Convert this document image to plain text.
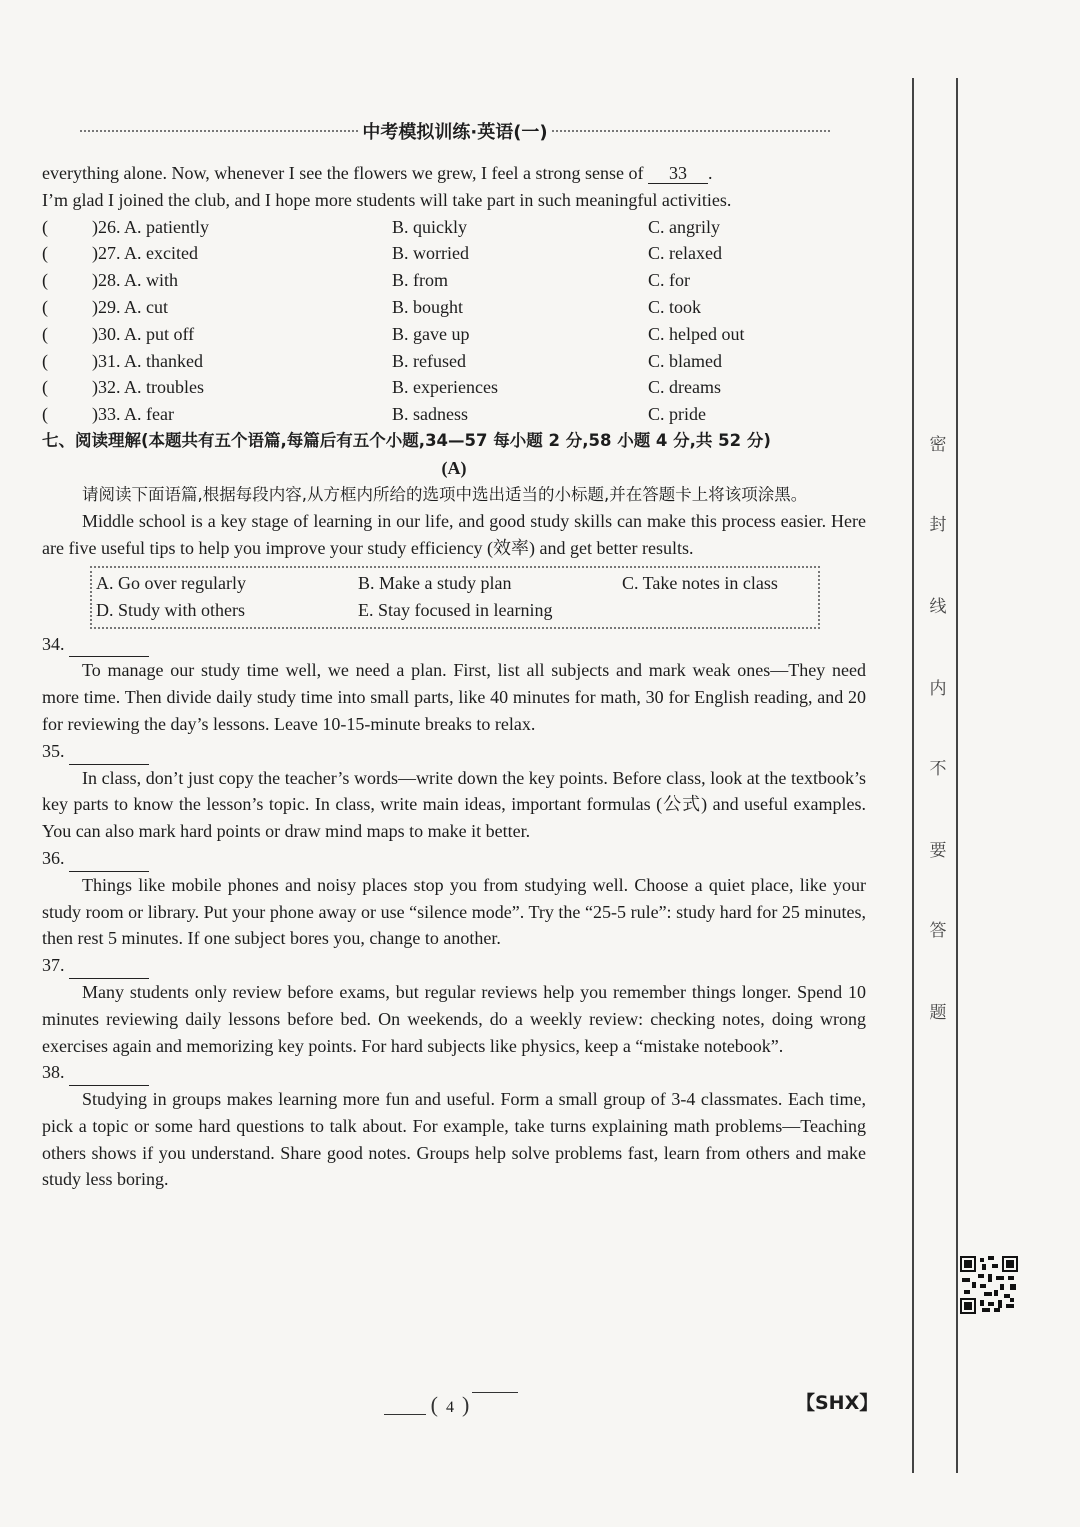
中考模拟训练·英语(一)

everything alone. Now, whenever I see the flowers we grew, I feel a strong sense of 33 .

I’m glad I joined the club, and I hope more students will take part in such meaningful activities.

(	)26. A. patiently	B. quickly	C. angrily
(	)27. A. excited	B. worried	C. relaxed
(	)28. A. with	B. from	C. for
(	)29. A. cut	B. bought	C. took
(	)30. A. put off	B. gave up	C. helped out
(	)31. A. thanked	B. refused	C. blamed
(	)32. A. troubles	B. experiences	C. dreams
(	)33. A. fear	B. sadness	C. pride
七、阅读理解(本题共有五个语篇,每篇后有五个小题,34—57 每小题 2 分,58 小题 4 分,共 52 分)
(A)

请阅读下面语篇,根据每段内容,从方框内所给的选项中选出适当的小标题,并在答题卡上将该项涂黑。

Middle school is a key stage of learning in our life, and good study skills can make this process easier. Here are five useful tips to help you improve your study efficiency (效率) and get better results.

A. Go over regularly	B. Make a study plan	C. Take notes in class
D. Study with others	E. Stay focused in learning
34.

To manage our study time well, we need a plan. First, list all subjects and mark weak ones—They need more time. Then divide daily study time into small parts, like 40 minutes for math, 30 for English reading, and 20 for reviewing the day’s lessons. Leave 10-15-minute breaks to relax.

35.

In class, don’t just copy the teacher’s words—write down the key points. Before class, look at the textbook’s key parts to know the lesson’s topic. In class, write main ideas, important formulas (公式) and useful examples. You can also mark hard points or draw mind maps to make it better.

36.

Things like mobile phones and noisy places stop you from studying well. Choose a quiet place, like your study room or library. Put your phone away or use “silence mode”. Try the “25-5 rule”: study hard for 25 minutes, then rest 5 minutes. If one subject bores you, change to another.

37.

Many students only review before exams, but regular reviews help you remember things longer. Spend 10 minutes reviewing daily lessons before bed. On weekends, do a weekly review: checking notes, doing wrong exercises again and memorizing key points. For hard subjects like physics, keep a “mistake notebook”.

38.

Studying in groups makes learning more fun and useful. Form a small group of 3-4 classmates. Each time, pick a topic or some hard questions to talk about. For example, take turns explaining math problems—Teaching others shows if you understand. Share good notes. Groups help solve problems fast, learn from others and make study less boring.

( 4 )	【SHX】
密
封
线
内
不
要
答
题
